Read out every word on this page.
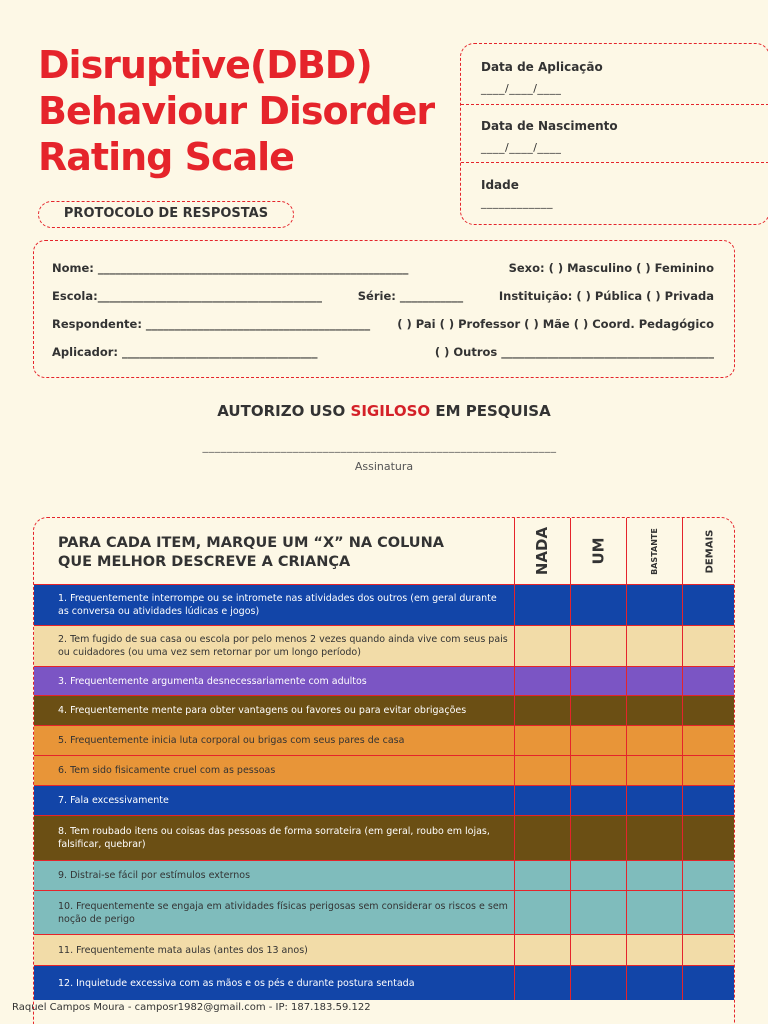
Disruptive(DBD)
Behaviour Disorder
Rating Scale
PROTOCOLO DE RESPOSTAS
Data de Aplicação
____/____/____
Data de Nascimento
____/____/____
Idade
____________
Nome: ______________________________________________________	Sexo: ( ) Masculino ( ) Feminino
Escola:_______________________________________	Série: ___________	Instituição: ( ) Pública ( ) Privada
Respondente: _______________________________________ ( ) Pai ( ) Professor ( ) Mãe ( ) Coord. Pedagógico
Aplicador: __________________________________	( ) Outros _____________________________________
AUTORIZO USO SIGILOSO EM PESQUISA
___________________________________________________________
Assinatura
PARA CADA ITEM, MARQUE UM “X” NA COLUNA
QUE MELHOR DESCREVE A CRIANÇA	NADA	UM	BASTANTE	DEMAIS
1. Frequentemente interrompe ou se intromete nas atividades dos outros (em geral durante as conversa ou atividades lúdicas e jogos)
2. Tem fugido de sua casa ou escola por pelo menos 2 vezes quando ainda vive com seus pais ou cuidadores (ou uma vez sem retornar por um longo período)
3. Frequentemente argumenta desnecessariamente com adultos
4. Frequentemente mente para obter vantagens ou favores ou para evitar obrigações
5. Frequentemente inicia luta corporal ou brigas com seus pares de casa
6. Tem sido fisicamente cruel com as pessoas
7. Fala excessivamente
8. Tem roubado itens ou coisas das pessoas de forma sorrateira (em geral, roubo em lojas, falsificar, quebrar)
9. Distrai-se fácil por estímulos externos
10. Frequentemente se engaja em atividades físicas perigosas sem considerar os riscos e sem noção de perigo
11. Frequentemente mata aulas (antes dos 13 anos)
12. Inquietude excessiva com as mãos e os pés e durante postura sentada
Raquel Campos Moura - camposr1982@gmail.com - IP: 187.183.59.122
